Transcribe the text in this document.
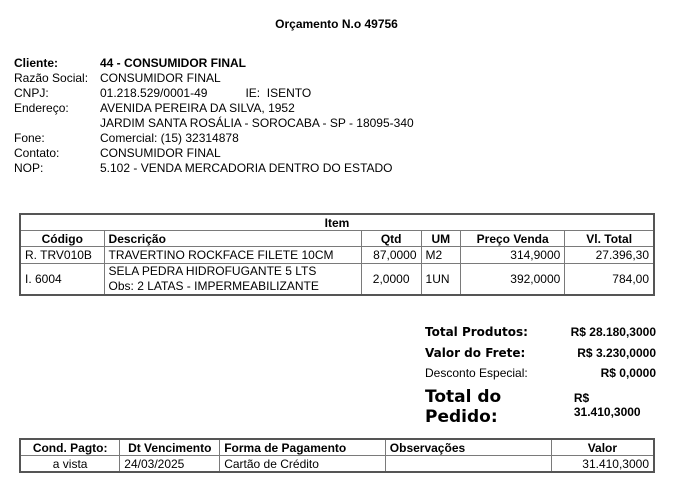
Orçamento N.o 49756
Cliente:	44 - CONSUMIDOR FINAL
Razão Social: CONSUMIDOR FINAL
CNPJ:	01.218.529/0001-49	IE:  ISENTO
Endereço:	AVENIDA PEREIRA DA SILVA, 1952
JARDIM SANTA ROSÁLIA - SOROCABA - SP - 18095-340
Fone:	Comercial: (15) 32314878
Contato:	CONSUMIDOR FINAL
NOP:	5.102 - VENDA MERCADORIA DENTRO DO ESTADO
Item					
Código	Descrição	Qtd	UM	Preço Venda	Vl. Total
R. TRV010B	TRAVERTINO ROCKFACE FILETE 10CM	87,0000	M2	314,9000	27.396,30
I. 6004	SELA PEDRA HIDROFUGANTE 5 LTS
Obs: 2 LATAS - IMPERMEABILIZANTE	2,0000	1UN	392,0000	784,00
Total Produtos:	R$ 28.180,3000
Valor do Frete:	R$ 3.230,0000
Desconto Especial:	R$ 0,0000
Total do Pedido:
R$ 31.410,3000
Cond. Pagto:	Dt Vencimento	Forma de Pagamento	Observações	Valor
a vista	24/03/2025	Cartão de Crédito		31.410,3000
